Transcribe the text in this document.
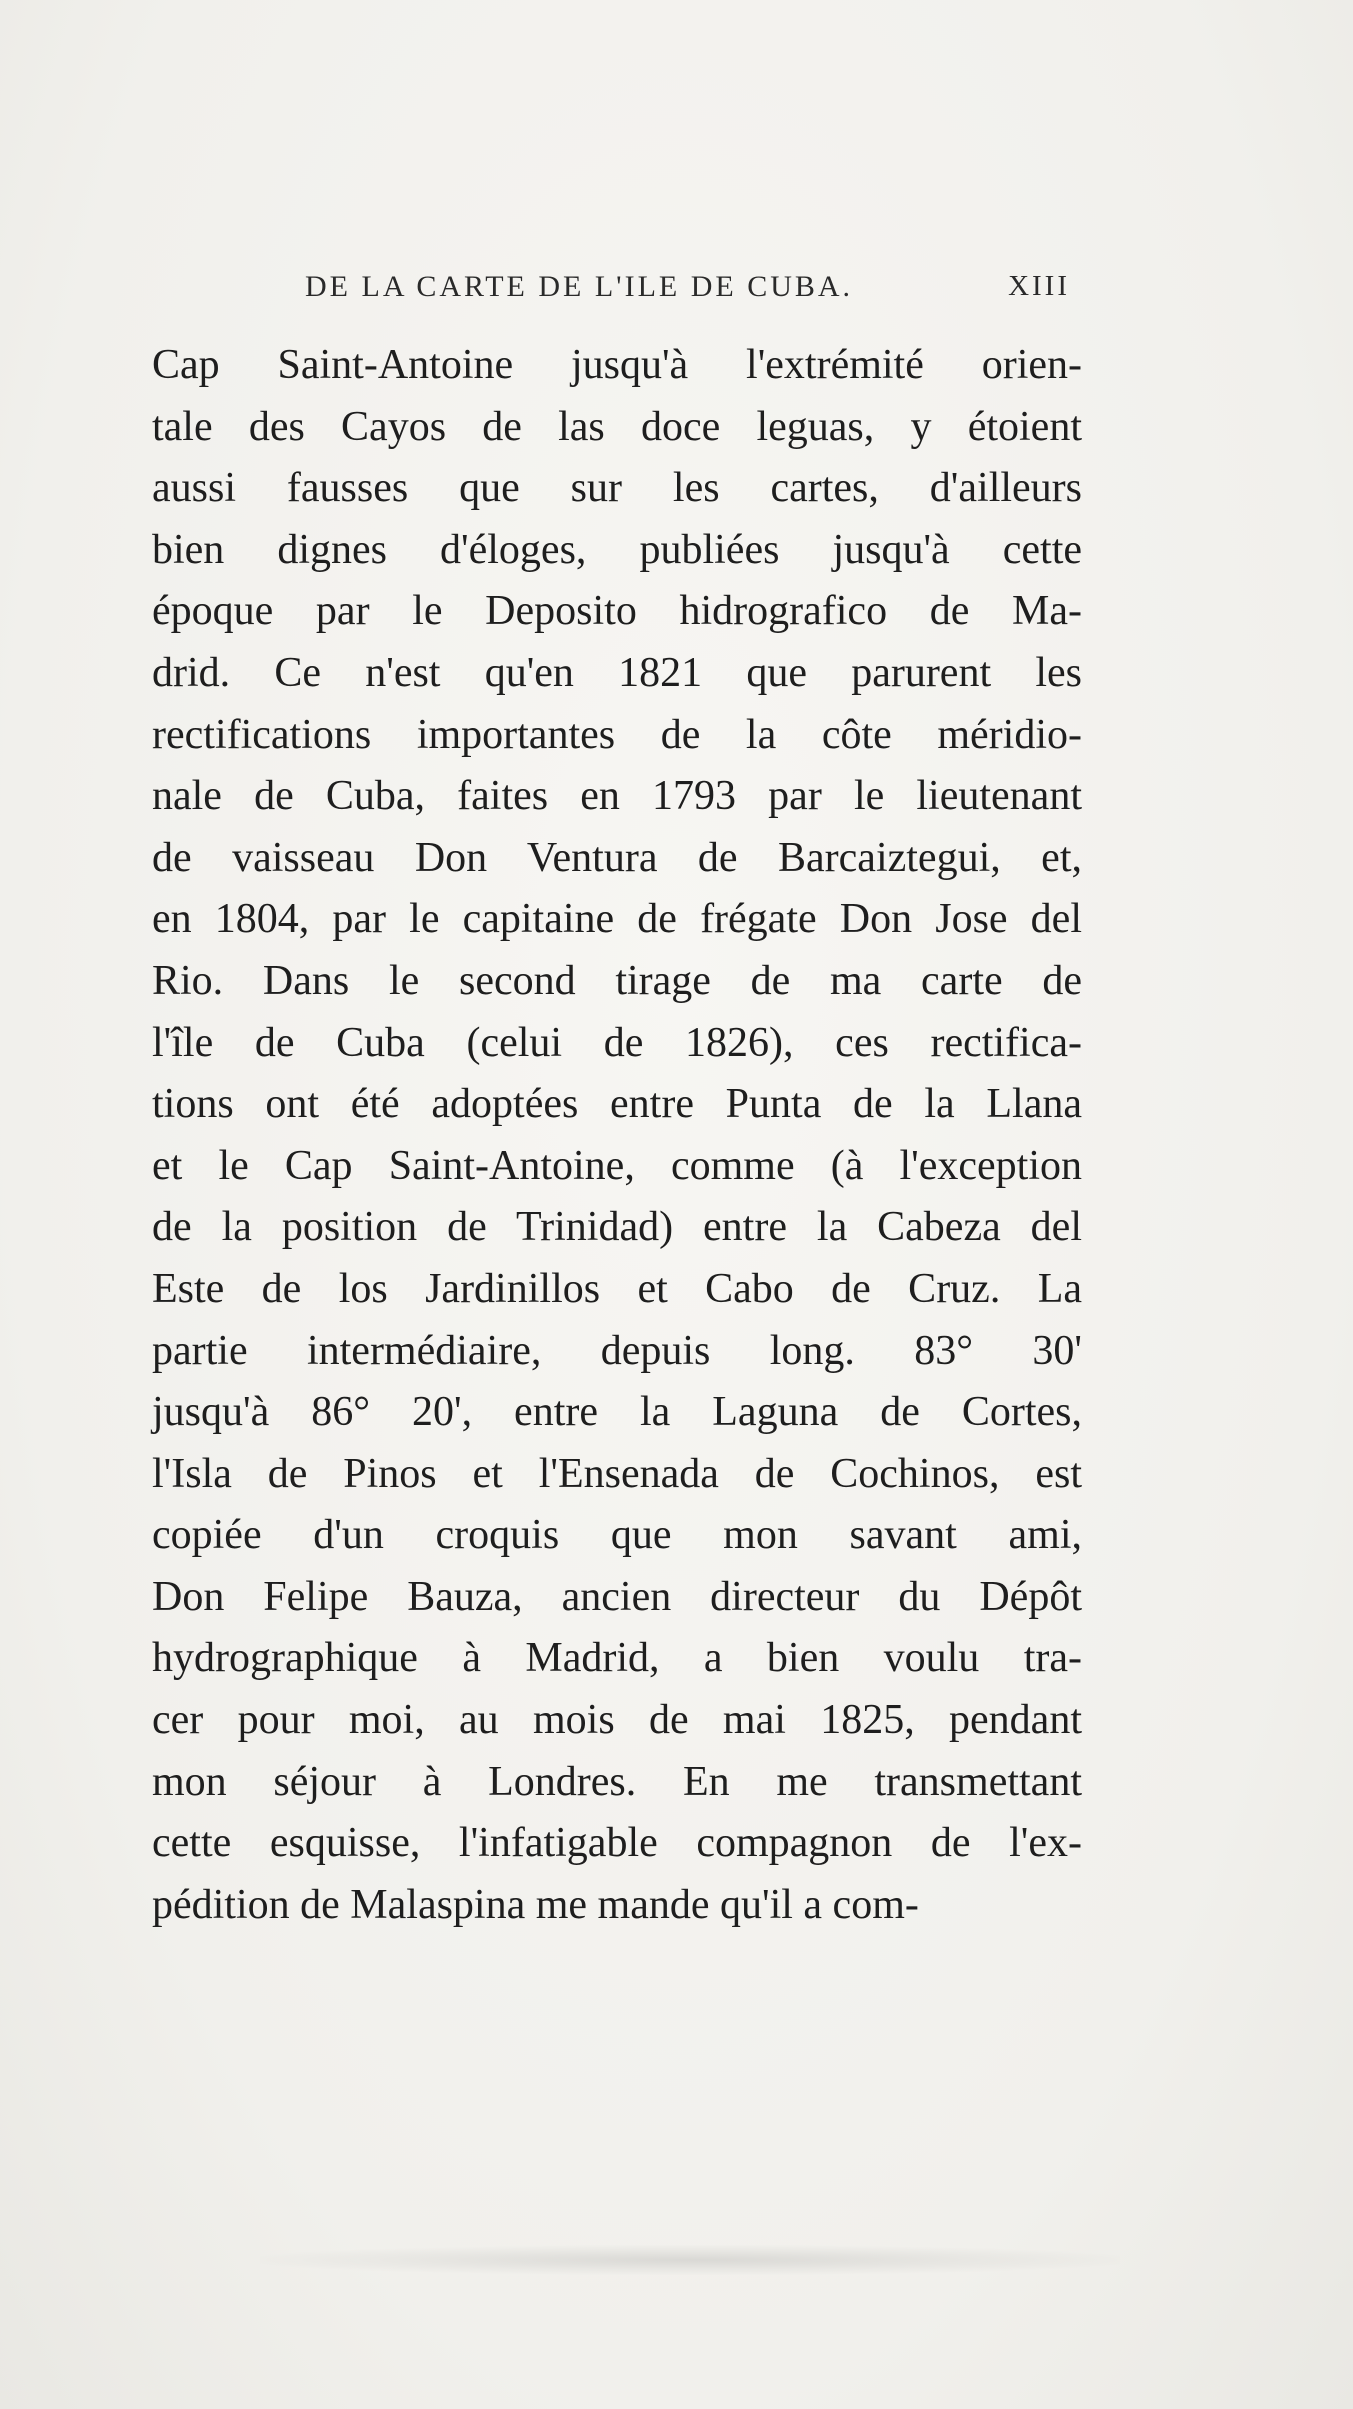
DE LA CARTE DE L'ILE DE CUBA.	XIII
Cap Saint-Antoine jusqu'à l'extrémité orien-
tale des Cayos de las doce leguas, y étoient
aussi fausses que sur les cartes, d'ailleurs
bien dignes d'éloges, publiées jusqu'à cette
époque par le Deposito hidrografico de Ma-
drid. Ce n'est qu'en 1821 que parurent les
rectifications importantes de la côte méridio-
nale de Cuba, faites en 1793 par le lieutenant
de vaisseau Don Ventura de Barcaiztegui, et,
en 1804, par le capitaine de frégate Don Jose del
Rio. Dans le second tirage de ma carte de
l'île de Cuba (celui de 1826), ces rectifica-
tions ont été adoptées entre Punta de la Llana
et le Cap Saint-Antoine, comme (à l'exception
de la position de Trinidad) entre la Cabeza del
Este de los Jardinillos et Cabo de Cruz. La
partie intermédiaire, depuis long. 83° 30'
jusqu'à 86° 20', entre la Laguna de Cortes,
l'Isla de Pinos et l'Ensenada de Cochinos, est
copiée d'un croquis que mon savant ami,
Don Felipe Bauza, ancien directeur du Dépôt
hydrographique à Madrid, a bien voulu tra-
cer pour moi, au mois de mai 1825, pendant
mon séjour à Londres. En me transmettant
cette esquisse, l'infatigable compagnon de l'ex-
pédition de Malaspina me mande qu'il a com-
